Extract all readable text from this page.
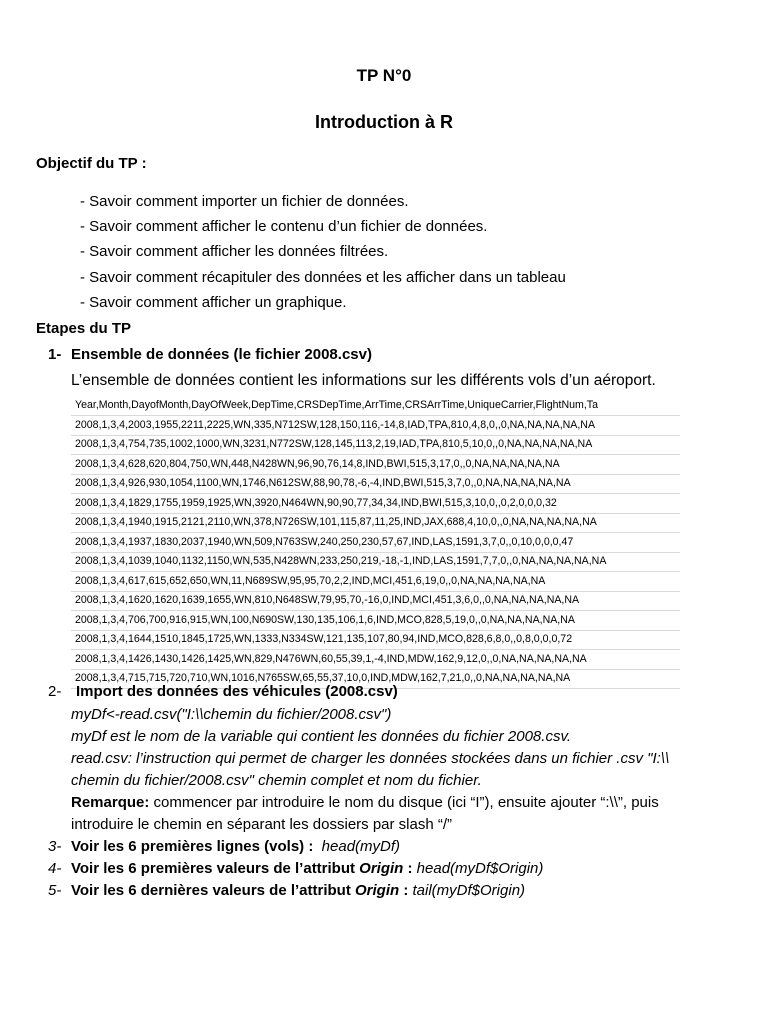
TP N°0
Introduction à R
Objectif du TP :
- Savoir comment importer un fichier de données.
- Savoir comment afficher le contenu d’un fichier de données.
- Savoir comment afficher les données filtrées.
- Savoir comment récapituler des données et les afficher dans un tableau
- Savoir comment afficher un graphique.
Etapes du TP
1- Ensemble de données (le fichier 2008.csv)
L’ensemble de données contient les informations sur les différents vols d’un aéroport.
Year,Month,DayofMonth,DayOfWeek,DepTime,CRSDepTime,ArrTime,CRSArrTime,UniqueCarrier,FlightNum,Ta
2008,1,3,4,2003,1955,2211,2225,WN,335,N712SW,128,150,116,-14,8,IAD,TPA,810,4,8,0,,0,NA,NA,NA,NA,NA
2008,1,3,4,754,735,1002,1000,WN,3231,N772SW,128,145,113,2,19,IAD,TPA,810,5,10,0,,0,NA,NA,NA,NA,NA
2008,1,3,4,628,620,804,750,WN,448,N428WN,96,90,76,14,8,IND,BWI,515,3,17,0,,0,NA,NA,NA,NA,NA
2008,1,3,4,926,930,1054,1100,WN,1746,N612SW,88,90,78,-6,-4,IND,BWI,515,3,7,0,,0,NA,NA,NA,NA,NA
2008,1,3,4,1829,1755,1959,1925,WN,3920,N464WN,90,90,77,34,34,IND,BWI,515,3,10,0,,0,2,0,0,0,32
2008,1,3,4,1940,1915,2121,2110,WN,378,N726SW,101,115,87,11,25,IND,JAX,688,4,10,0,,0,NA,NA,NA,NA,NA
2008,1,3,4,1937,1830,2037,1940,WN,509,N763SW,240,250,230,57,67,IND,LAS,1591,3,7,0,,0,10,0,0,0,47
2008,1,3,4,1039,1040,1132,1150,WN,535,N428WN,233,250,219,-18,-1,IND,LAS,1591,7,7,0,,0,NA,NA,NA,NA,NA
2008,1,3,4,617,615,652,650,WN,11,N689SW,95,95,70,2,2,IND,MCI,451,6,19,0,,0,NA,NA,NA,NA,NA
2008,1,3,4,1620,1620,1639,1655,WN,810,N648SW,79,95,70,-16,0,IND,MCI,451,3,6,0,,0,NA,NA,NA,NA,NA
2008,1,3,4,706,700,916,915,WN,100,N690SW,130,135,106,1,6,IND,MCO,828,5,19,0,,0,NA,NA,NA,NA,NA
2008,1,3,4,1644,1510,1845,1725,WN,1333,N334SW,121,135,107,80,94,IND,MCO,828,6,8,0,,0,8,0,0,0,72
2008,1,3,4,1426,1430,1426,1425,WN,829,N476WN,60,55,39,1,-4,IND,MDW,162,9,12,0,,0,NA,NA,NA,NA,NA
2008,1,3,4,715,715,720,710,WN,1016,N765SW,65,55,37,10,0,IND,MDW,162,7,21,0,,0,NA,NA,NA,NA,NA
2- Import des données des véhicules (2008.csv)
myDf<-read.csv("I:\\chemin du fichier/2008.csv")
myDf est le nom de la variable qui contient les données du fichier 2008.csv.
read.csv: l’instruction qui permet de charger les données stockées dans un fichier .csv "I:\\
chemin du fichier/2008.csv" chemin complet et nom du fichier.
Remarque: commencer par introduire le nom du disque (ici “I”), ensuite ajouter “:\\”, puis
introduire le chemin en séparant les dossiers par slash “/”
3- Voir les 6 premières lignes (vols) : head(myDf)
4- Voir les 6 premières valeurs de l’attribut Origin : head(myDf$Origin)
5- Voir les 6 dernières valeurs de l’attribut Origin : tail(myDf$Origin)
